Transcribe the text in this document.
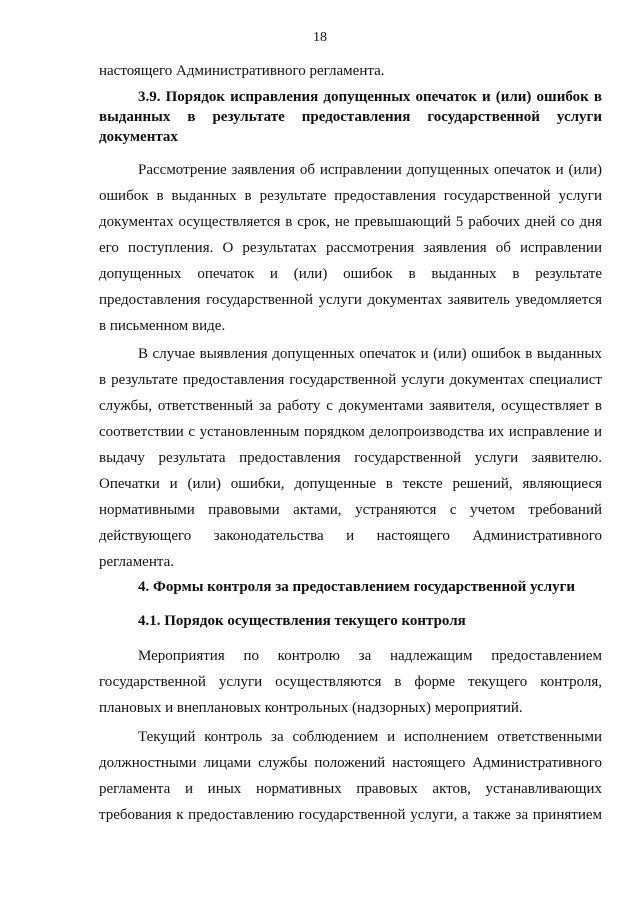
18
настоящего Административного регламента.
3.9. Порядок исправления допущенных опечаток и (или) ошибок в
выданных в результате предоставления государственной услуги
документах
Рассмотрение заявления об исправлении допущенных опечаток и (или)
ошибок в выданных в результате предоставления государственной услуги
документах осуществляется в срок, не превышающий 5 рабочих дней со дня
его поступления. О результатах рассмотрения заявления об исправлении
допущенных опечаток и (или) ошибок в выданных в результате
предоставления государственной услуги документах заявитель уведомляется
в письменном виде.
В случае выявления допущенных опечаток и (или) ошибок в выданных
в результате предоставления государственной услуги документах специалист
службы, ответственный за работу с документами заявителя, осуществляет в
соответствии с установленным порядком делопроизводства их исправление и
выдачу результата предоставления государственной услуги заявителю.
Опечатки и (или) ошибки, допущенные в тексте решений, являющиеся
нормативными правовыми актами, устраняются с учетом требований
действующего законодательства и настоящего Административного
регламента.
4. Формы контроля за предоставлением государственной услуги
4.1. Порядок осуществления текущего контроля
Мероприятия по контролю за надлежащим предоставлением
государственной услуги осуществляются в форме текущего контроля,
плановых и внеплановых контрольных (надзорных) мероприятий.
Текущий контроль за соблюдением и исполнением ответственными
должностными лицами службы положений настоящего Административного
регламента и иных нормативных правовых актов, устанавливающих
требования к предоставлению государственной услуги, а также за принятием
